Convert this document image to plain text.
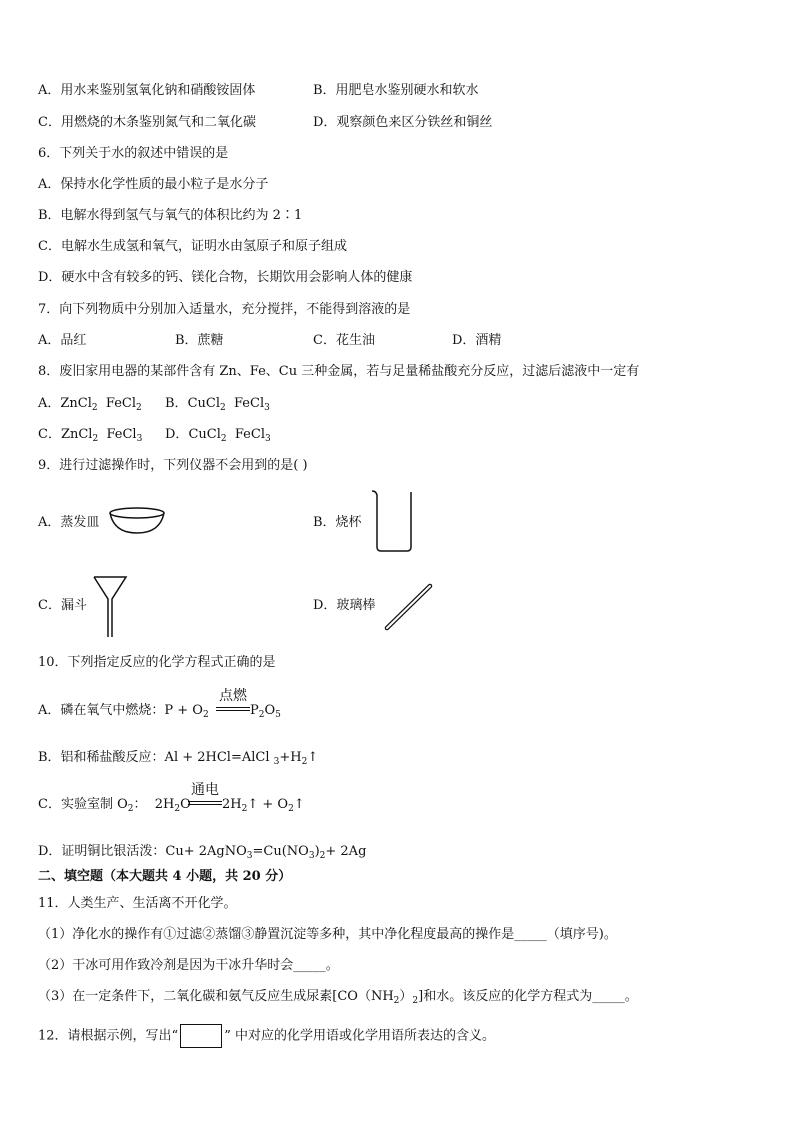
A．用水来鉴别氢氧化钠和硝酸铵固体	B．用肥皂水鉴别硬水和软水
C．用燃烧的木条鉴别氮气和二氧化碳	D．观察颜色来区分铁丝和铜丝
6．下列关于水的叙述中错误的是
A．保持水化学性质的最小粒子是水分子
B．电解水得到氢气与氧气的体积比约为 2∶1
C．电解水生成氢和氧气，证明水由氢原子和原子组成
D．硬水中含有较多的钙、镁化合物，长期饮用会影响人体的健康
7．向下列物质中分别加入适量水，充分搅拌，不能得到溶液的是
A．品红	B．蔗糖	C．花生油	D．酒精
8．废旧家用电器的某部件含有 Zn、Fe、Cu 三种金属，若与足量稀盐酸充分反应，过滤后滤液中一定有
A．ZnCl$_2$ FeCl$_2$ B．CuCl$_2$ FeCl$_3$
C．ZnCl$_2$ FeCl$_3$ D．CuCl$_2$ FeCl$_3$
9．进行过滤操作时，下列仪器不会用到的是( )
A．蒸发皿	B．烧杯
C．漏斗	D．玻璃棒
10．下列指定反应的化学方程式正确的是
A．磷在氧气中燃烧：$P + O_2$
点燃
$P_2O_5$
B．铝和稀盐酸反应：Al + 2HCl=AlCl $_3+H_2↑$
C．实验室制 $O_2$： $2H_2O$
通电
$2H_2↑$ + $O_2↑$
D．证明铜比银活泼：$Cu+ 2AgNO_3=Cu(NO_3)_2+ 2Ag$
二、填空题（本大题共 4 小题，共 20 分）
11．人类生产、生活离不开化学。
（1）净化水的操作有①过滤②蒸馏③静置沉淀等多种，其中净化程度最高的操作是_____（填序号)。
（2）干冰可用作致冷剂是因为干冰升华时会_____。
（3）在一定条件下，二氧化碳和氨气反应生成尿素$[CO(NH_2)_2]$和水。该反应的化学方程式为_____。
12．请根据示例，写出“	” 中对应的化学用语或化学用语所表达的含义。
